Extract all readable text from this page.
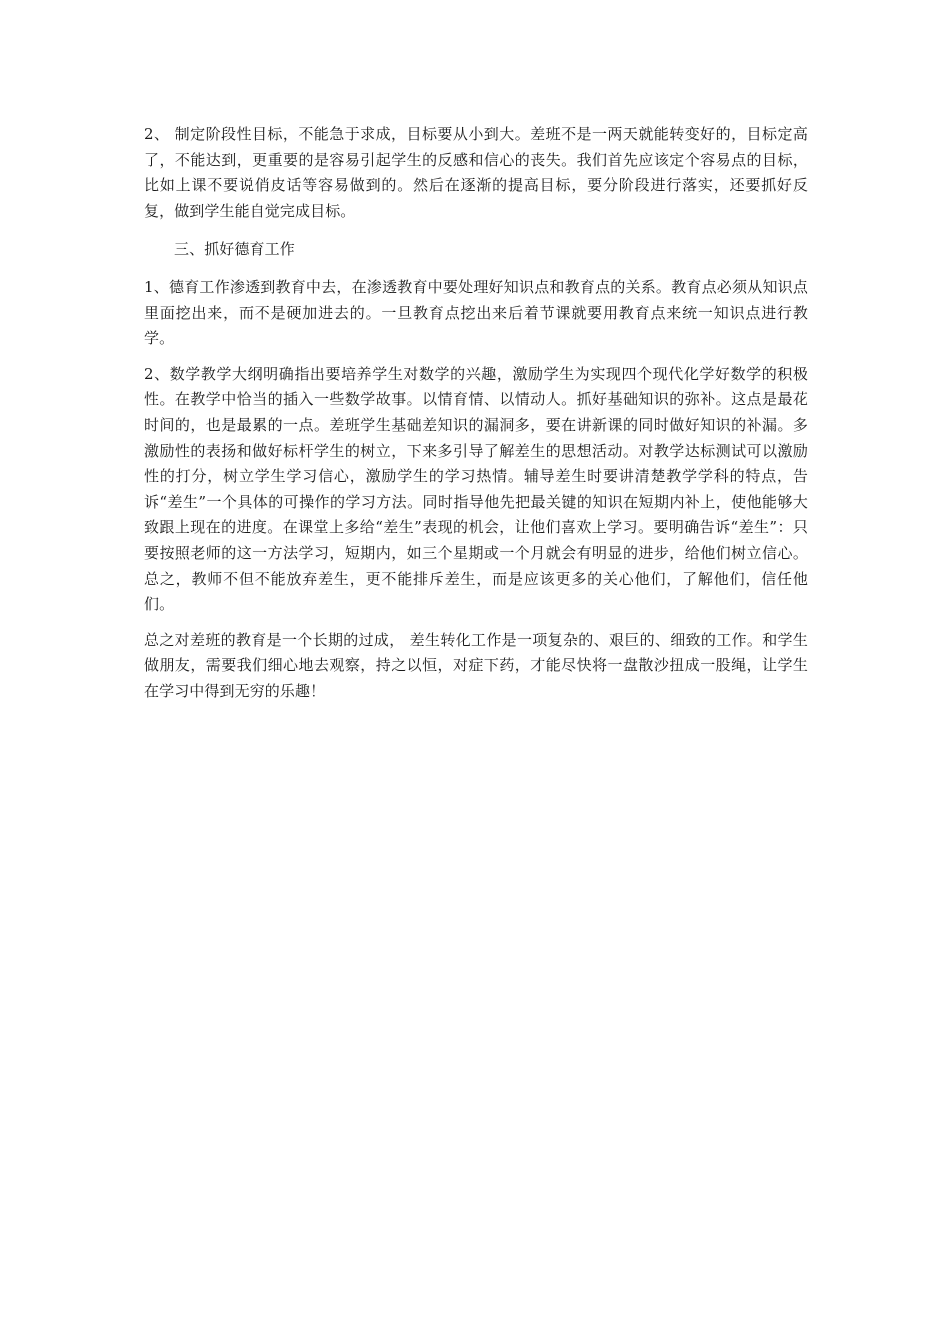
2、 制定阶段性目标，不能急于求成，目标要从小到大。差班不是一两天就能转变好的，目标定高了，不能达到，更重要的是容易引起学生的反感和信心的丧失。我们首先应该定个容易点的目标，比如上课不要说俏皮话等容易做到的。然后在逐渐的提高目标，要分阶段进行落实，还要抓好反复，做到学生能自觉完成目标。

三、抓好德育工作

1、德育工作渗透到教育中去，在渗透教育中要处理好知识点和教育点的关系。教育点必须从知识点里面挖出来，而不是硬加进去的。一旦教育点挖出来后着节课就要用教育点来统一知识点进行教学。

2、数学教学大纲明确指出要培养学生对数学的兴趣，激励学生为实现四个现代化学好数学的积极性。在教学中恰当的插入一些数学故事。以情育情、以情动人。抓好基础知识的弥补。这点是最花时间的，也是最累的一点。差班学生基础差知识的漏洞多，要在讲新课的同时做好知识的补漏。多激励性的表扬和做好标杆学生的树立，下来多引导了解差生的思想活动。对教学达标测试可以激励性的打分，树立学生学习信心，激励学生的学习热情。辅导差生时要讲清楚教学学科的特点，告诉“差生”一个具体的可操作的学习方法。同时指导他先把最关键的知识在短期内补上，使他能够大致跟上现在的进度。在课堂上多给“差生”表现的机会，让他们喜欢上学习。要明确告诉“差生”：只要按照老师的这一方法学习，短期内，如三个星期或一个月就会有明显的进步，给他们树立信心。总之，教师不但不能放弃差生，更不能排斥差生，而是应该更多的关心他们，了解他们，信任他们。

总之对差班的教育是一个长期的过成， 差生转化工作是一项复杂的、艰巨的、细致的工作。和学生做朋友，需要我们细心地去观察，持之以恒，对症下药，才能尽快将一盘散沙扭成一股绳，让学生在学习中得到无穷的乐趣！
